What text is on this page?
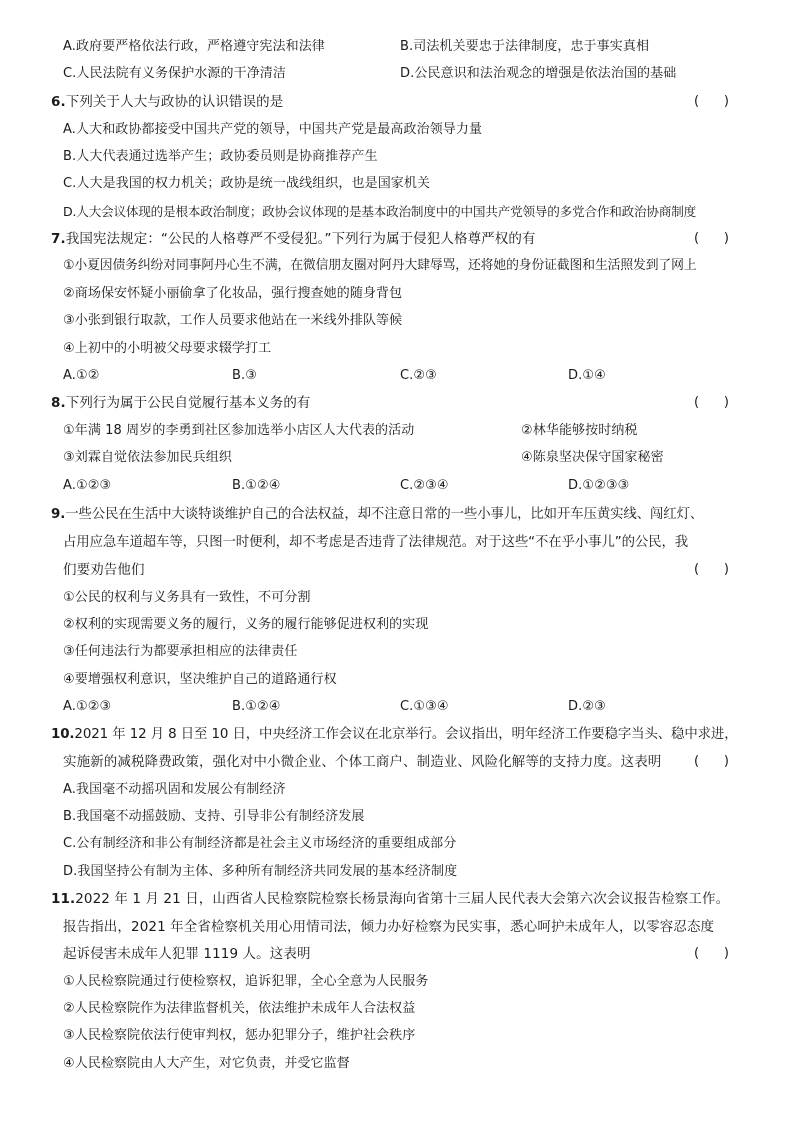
A.政府要严格依法行政，严格遵守宪法和法律	B.司法机关要忠于法律制度，忠于事实真相
C.人民法院有义务保护水源的干净清洁	D.公民意识和法治观念的增强是依法治国的基础
6.下列关于人大与政协的认识错误的是	(      )
A.人大和政协都接受中国共产党的领导，中国共产党是最高政治领导力量
B.人大代表通过选举产生；政协委员则是协商推荐产生
C.人大是我国的权力机关；政协是统一战线组织，也是国家机关
D.人大会议体现的是根本政治制度；政协会议体现的是基本政治制度中的中国共产党领导的多党合作和政治协商制度
7.我国宪法规定：“公民的人格尊严不受侵犯。”下列行为属于侵犯人格尊严权的有	(      )
①小夏因债务纠纷对同事阿丹心生不满，在微信朋友圈对阿丹大肆辱骂，还将她的身份证截图和生活照发到了网上
②商场保安怀疑小丽偷拿了化妆品，强行搜查她的随身背包
③小张到银行取款，工作人员要求他站在一米线外排队等候
④上初中的小明被父母要求辍学打工
A.①②	B.③	C.②③	D.①④
8.下列行为属于公民自觉履行基本义务的有	(      )
①年满 18 周岁的李勇到社区参加选举小店区人大代表的活动	②林华能够按时纳税
③刘霖自觉依法参加民兵组织	④陈泉坚决保守国家秘密
A.①②③	B.①②④	C.②③④	D.①②③③
9.一些公民在生活中大谈特谈维护自己的合法权益，却不注意日常的一些小事儿，比如开车压黄实线、闯红灯、
占用应急车道超车等，只图一时便利，却不考虑是否违背了法律规范。对于这些“不在乎小事儿”的公民，我
们要劝告他们	(      )
①公民的权利与义务具有一致性，不可分割
②权利的实现需要义务的履行，义务的履行能够促进权利的实现
③任何违法行为都要承担相应的法律责任
④要增强权利意识，坚决维护自己的道路通行权
A.①②③	B.①②④	C.①③④	D.②③
10.2021 年 12 月 8 日至 10 日，中央经济工作会议在北京举行。会议指出，明年经济工作要稳字当头、稳中求进，
实施新的减税降费政策，强化对中小微企业、个体工商户、制造业、风险化解等的支持力度。这表明	(      )
A.我国毫不动摇巩固和发展公有制经济
B.我国毫不动摇鼓励、支持、引导非公有制经济发展
C.公有制经济和非公有制经济都是社会主义市场经济的重要组成部分
D.我国坚持公有制为主体、多种所有制经济共同发展的基本经济制度
11.2022 年 1 月 21 日，山西省人民检察院检察长杨景海向省第十三届人民代表大会第六次会议报告检察工作。
报告指出，2021 年全省检察机关用心用情司法，倾力办好检察为民实事，悉心呵护未成年人，以零容忍态度
起诉侵害未成年人犯罪 1119 人。这表明	(      )
①人民检察院通过行使检察权，追诉犯罪，全心全意为人民服务
②人民检察院作为法律监督机关，依法维护未成年人合法权益
③人民检察院依法行使审判权，惩办犯罪分子，维护社会秩序
④人民检察院由人大产生，对它负责，并受它监督
